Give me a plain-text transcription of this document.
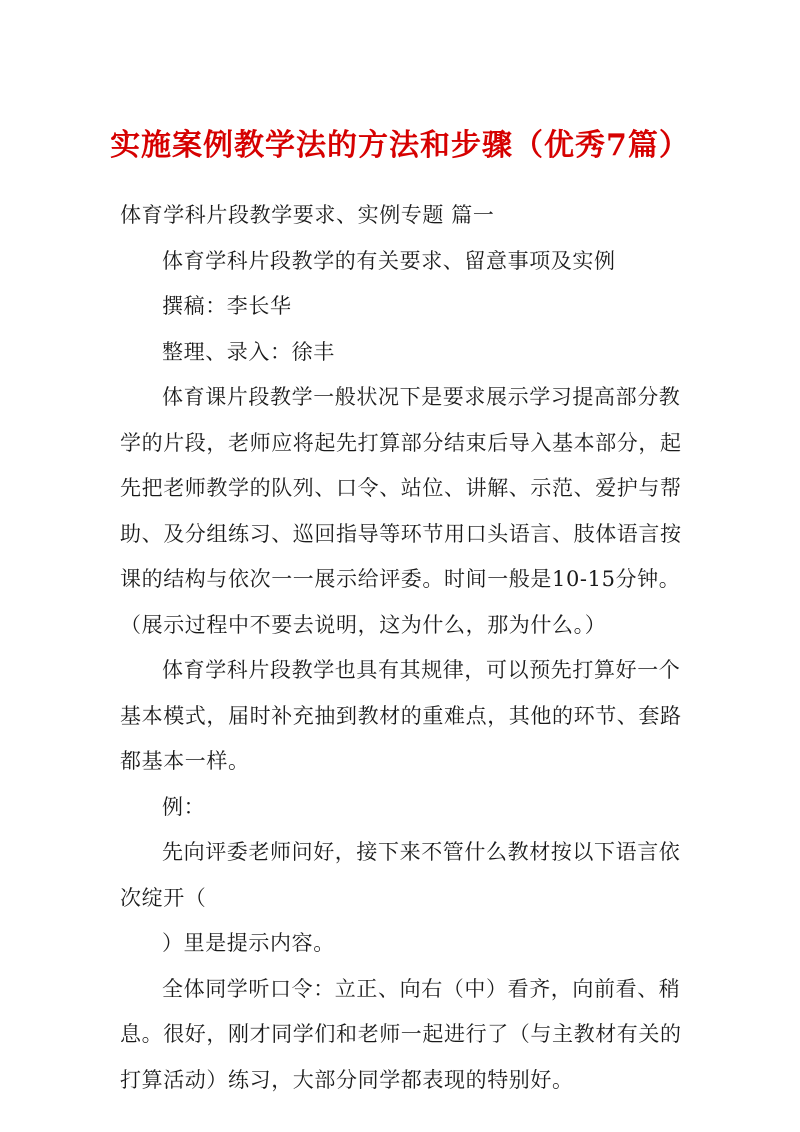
实施案例教学法的方法和步骤（优秀7篇）

体育学科片段教学要求、实例专题 篇一

体育学科片段教学的有关要求、留意事项及实例

撰稿：李长华

整理、录入：徐丰

体育课片段教学一般状况下是要求展示学习提高部分教学的片段，老师应将起先打算部分结束后导入基本部分，起先把老师教学的队列、口令、站位、讲解、示范、爱护与帮助、及分组练习、巡回指导等环节用口头语言、肢体语言按课的结构与依次一一展示给评委。时间一般是10-15分钟。（展示过程中不要去说明，这为什么，那为什么。）

体育学科片段教学也具有其规律，可以预先打算好一个基本模式，届时补充抽到教材的重难点，其他的环节、套路都基本一样。

例：

先向评委老师问好，接下来不管什么教材按以下语言依次绽开（

）里是提示内容。

全体同学听口令：立正、向右（中）看齐，向前看、稍息。很好，刚才同学们和老师一起进行了（与主教材有关的打算活动）练习，大部分同学都表现的特别好。
